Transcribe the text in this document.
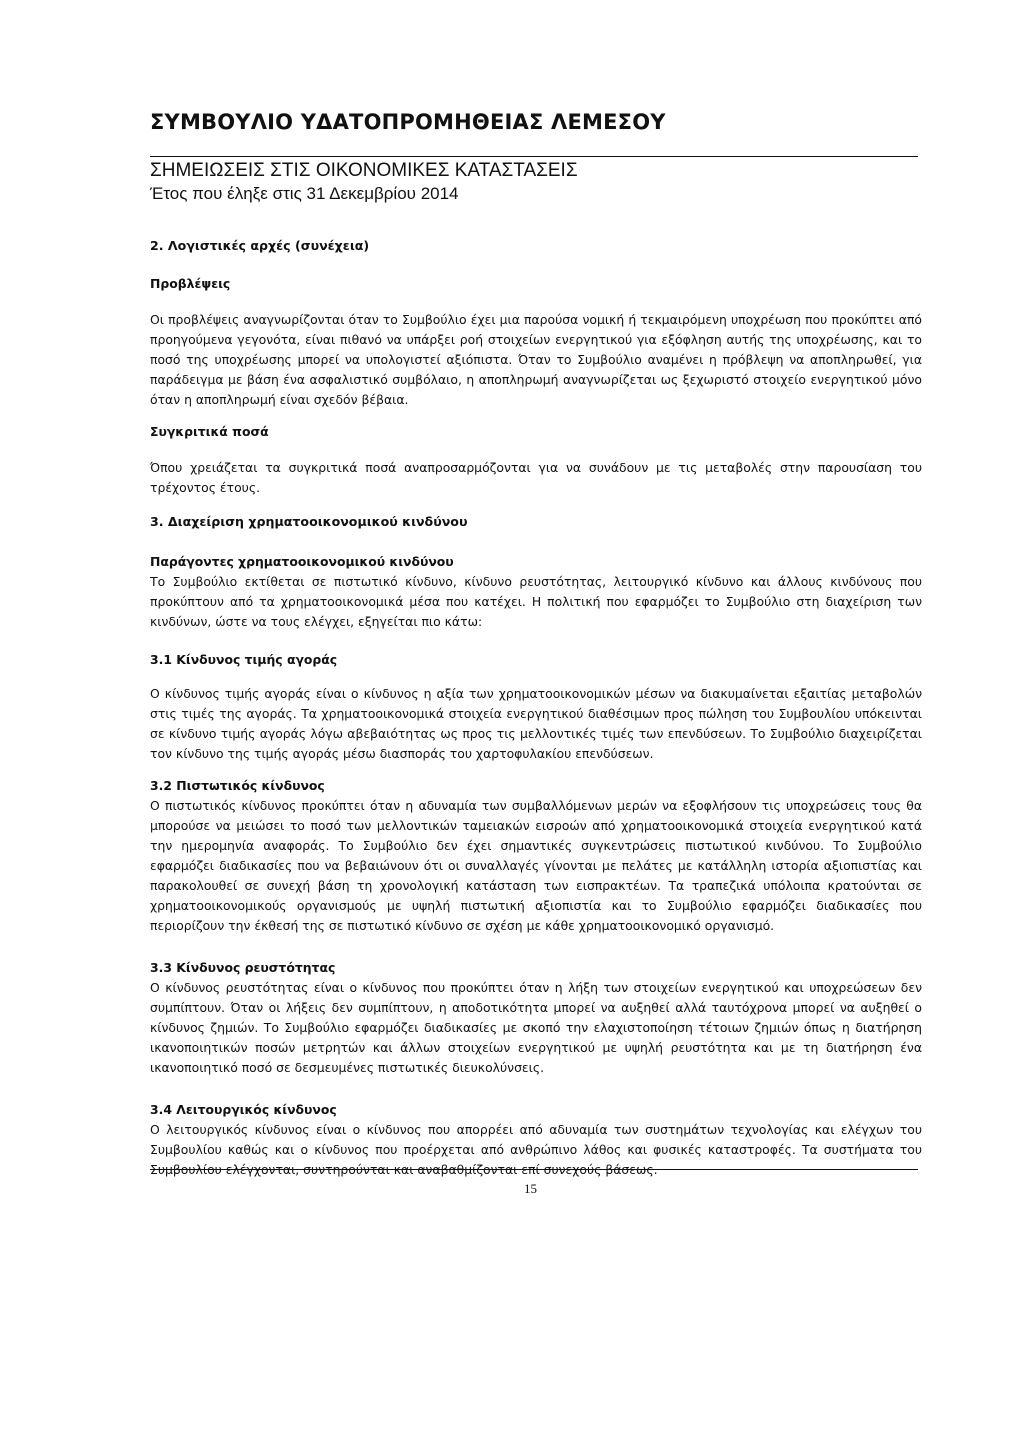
ΣΥΜΒΟΥΛΙΟ ΥΔΑΤΟΠΡΟΜΗΘΕΙΑΣ ΛΕΜΕΣΟΥ
ΣΗΜΕΙΩΣΕΙΣ ΣΤΙΣ ΟΙΚΟΝΟΜΙΚΕΣ ΚΑΤΑΣΤΑΣΕΙΣ
Έτος που έληξε στις 31 Δεκεμβρίου 2014

2. Λογιστικές αρχές (συνέχεια)

Προβλέψεις

Οι προβλέψεις αναγνωρίζονται όταν το Συμβούλιο έχει μια παρούσα νομική ή τεκμαιρόμενη υποχρέωση που προκύπτει από προηγούμενα γεγονότα, είναι πιθανό να υπάρξει ροή στοιχείων ενεργητικού για εξόφληση αυτής της υποχρέωσης, και το ποσό της υποχρέωσης μπορεί να υπολογιστεί αξιόπιστα. Όταν το Συμβούλιο αναμένει η πρόβλεψη να αποπληρωθεί, για παράδειγμα με βάση ένα ασφαλιστικό συμβόλαιο, η αποπληρωμή αναγνωρίζεται ως ξεχωριστό στοιχείο ενεργητικού μόνο όταν η αποπληρωμή είναι σχεδόν βέβαια.

Συγκριτικά ποσά

Όπου χρειάζεται τα συγκριτικά ποσά αναπροσαρμόζονται για να συνάδουν με τις μεταβολές στην παρουσίαση του τρέχοντος έτους.

3. Διαχείριση χρηματοοικονομικού κινδύνου

Παράγοντες χρηματοοικονομικού κινδύνου

Το Συμβούλιο εκτίθεται σε πιστωτικό κίνδυνο, κίνδυνο ρευστότητας, λειτουργικό κίνδυνο και άλλους κινδύνους που προκύπτουν από τα χρηματοοικονομικά μέσα που κατέχει. Η πολιτική που εφαρμόζει το Συμβούλιο στη διαχείριση των κινδύνων, ώστε να τους ελέγχει, εξηγείται πιο κάτω:

3.1 Κίνδυνος τιμής αγοράς

Ο κίνδυνος τιμής αγοράς είναι ο κίνδυνος η αξία των χρηματοοικονομικών μέσων να διακυμαίνεται εξαιτίας μεταβολών στις τιμές της αγοράς. Τα χρηματοοικονομικά στοιχεία ενεργητικού διαθέσιμων προς πώληση του Συμβουλίου υπόκεινται σε κίνδυνο τιμής αγοράς λόγω αβεβαιότητας ως προς τις μελλοντικές τιμές των επενδύσεων. Το Συμβούλιο διαχειρίζεται τον κίνδυνο της τιμής αγοράς μέσω διασποράς του χαρτοφυλακίου επενδύσεων.

3.2 Πιστωτικός κίνδυνος

Ο πιστωτικός κίνδυνος προκύπτει όταν η αδυναμία των συμβαλλόμενων μερών να εξοφλήσουν τις υποχρεώσεις τους θα μπορούσε να μειώσει το ποσό των μελλοντικών ταμειακών εισροών από χρηματοοικονομικά στοιχεία ενεργητικού κατά την ημερομηνία αναφοράς. Το Συμβούλιο δεν έχει σημαντικές συγκεντρώσεις πιστωτικού κινδύνου. Το Συμβούλιο εφαρμόζει διαδικασίες που να βεβαιώνουν ότι οι συναλλαγές γίνονται με πελάτες με κατάλληλη ιστορία αξιοπιστίας και παρακολουθεί σε συνεχή βάση τη χρονολογική κατάσταση των εισπρακτέων. Τα τραπεζικά υπόλοιπα κρατούνται σε χρηματοοικονομικούς οργανισμούς με υψηλή πιστωτική αξιοπιστία και το Συμβούλιο εφαρμόζει διαδικασίες που περιορίζουν την έκθεσή της σε πιστωτικό κίνδυνο σε σχέση με κάθε χρηματοοικονομικό οργανισμό.

3.3 Κίνδυνος ρευστότητας

Ο κίνδυνος ρευστότητας είναι ο κίνδυνος που προκύπτει όταν η λήξη των στοιχείων ενεργητικού και υποχρεώσεων δεν συμπίπτουν. Όταν οι λήξεις δεν συμπίπτουν, η αποδοτικότητα μπορεί να αυξηθεί αλλά ταυτόχρονα μπορεί να αυξηθεί ο κίνδυνος ζημιών. Το Συμβούλιο εφαρμόζει διαδικασίες με σκοπό την ελαχιστοποίηση τέτοιων ζημιών όπως η διατήρηση ικανοποιητικών ποσών μετρητών και άλλων στοιχείων ενεργητικού με υψηλή ρευστότητα και με τη διατήρηση ένα ικανοποιητικό ποσό σε δεσμευμένες πιστωτικές διευκολύνσεις.

3.4 Λειτουργικός κίνδυνος

Ο λειτουργικός κίνδυνος είναι ο κίνδυνος που απορρέει από αδυναμία των συστημάτων τεχνολογίας και ελέγχων του Συμβουλίου καθώς και ο κίνδυνος που προέρχεται από ανθρώπινο λάθος και φυσικές καταστροφές. Τα συστήματα του Συμβουλίου ελέγχονται, συντηρούνται και αναβαθμίζονται επί συνεχούς βάσεως.

15
